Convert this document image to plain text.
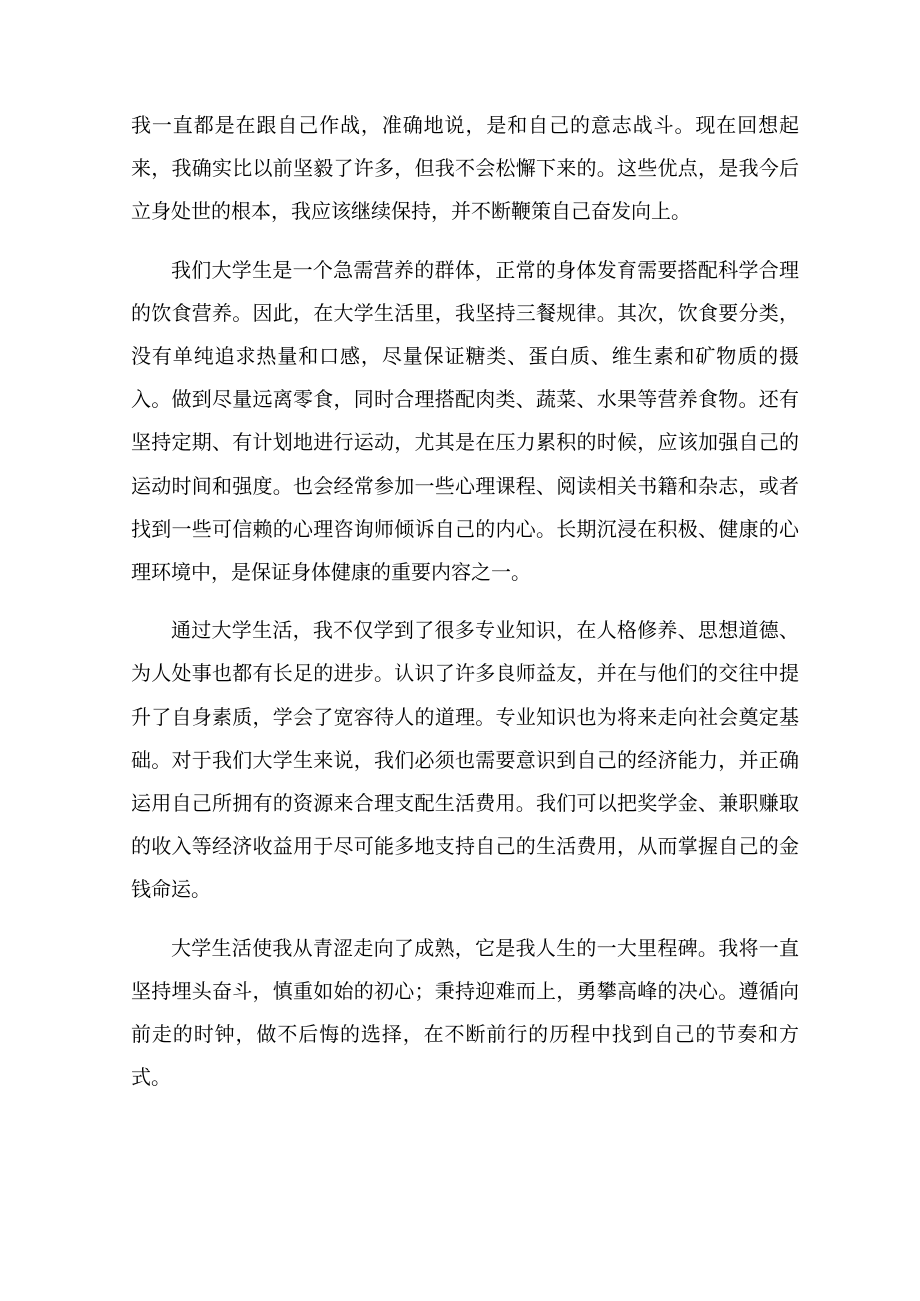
我一直都是在跟自己作战，准确地说，是和自己的意志战斗。现在回想起来，我确实比以前坚毅了许多，但我不会松懈下来的。这些优点，是我今后立身处世的根本，我应该继续保持，并不断鞭策自己奋发向上。

我们大学生是一个急需营养的群体，正常的身体发育需要搭配科学合理的饮食营养。因此，在大学生活里，我坚持三餐规律。其次，饮食要分类，没有单纯追求热量和口感，尽量保证糖类、蛋白质、维生素和矿物质的摄入。做到尽量远离零食，同时合理搭配肉类、蔬菜、水果等营养食物。还有坚持定期、有计划地进行运动，尤其是在压力累积的时候，应该加强自己的运动时间和强度。也会经常参加一些心理课程、阅读相关书籍和杂志，或者找到一些可信赖的心理咨询师倾诉自己的内心。长期沉浸在积极、健康的心理环境中，是保证身体健康的重要内容之一。

通过大学生活，我不仅学到了很多专业知识，在人格修养、思想道德、为人处事也都有长足的进步。认识了许多良师益友，并在与他们的交往中提升了自身素质，学会了宽容待人的道理。专业知识也为将来走向社会奠定基础。对于我们大学生来说，我们必须也需要意识到自己的经济能力，并正确运用自己所拥有的资源来合理支配生活费用。我们可以把奖学金、兼职赚取的收入等经济收益用于尽可能多地支持自己的生活费用，从而掌握自己的金钱命运。

大学生活使我从青涩走向了成熟，它是我人生的一大里程碑。我将一直坚持埋头奋斗，慎重如始的初心；秉持迎难而上，勇攀高峰的决心。遵循向前走的时钟，做不后悔的选择，在不断前行的历程中找到自己的节奏和方式。
